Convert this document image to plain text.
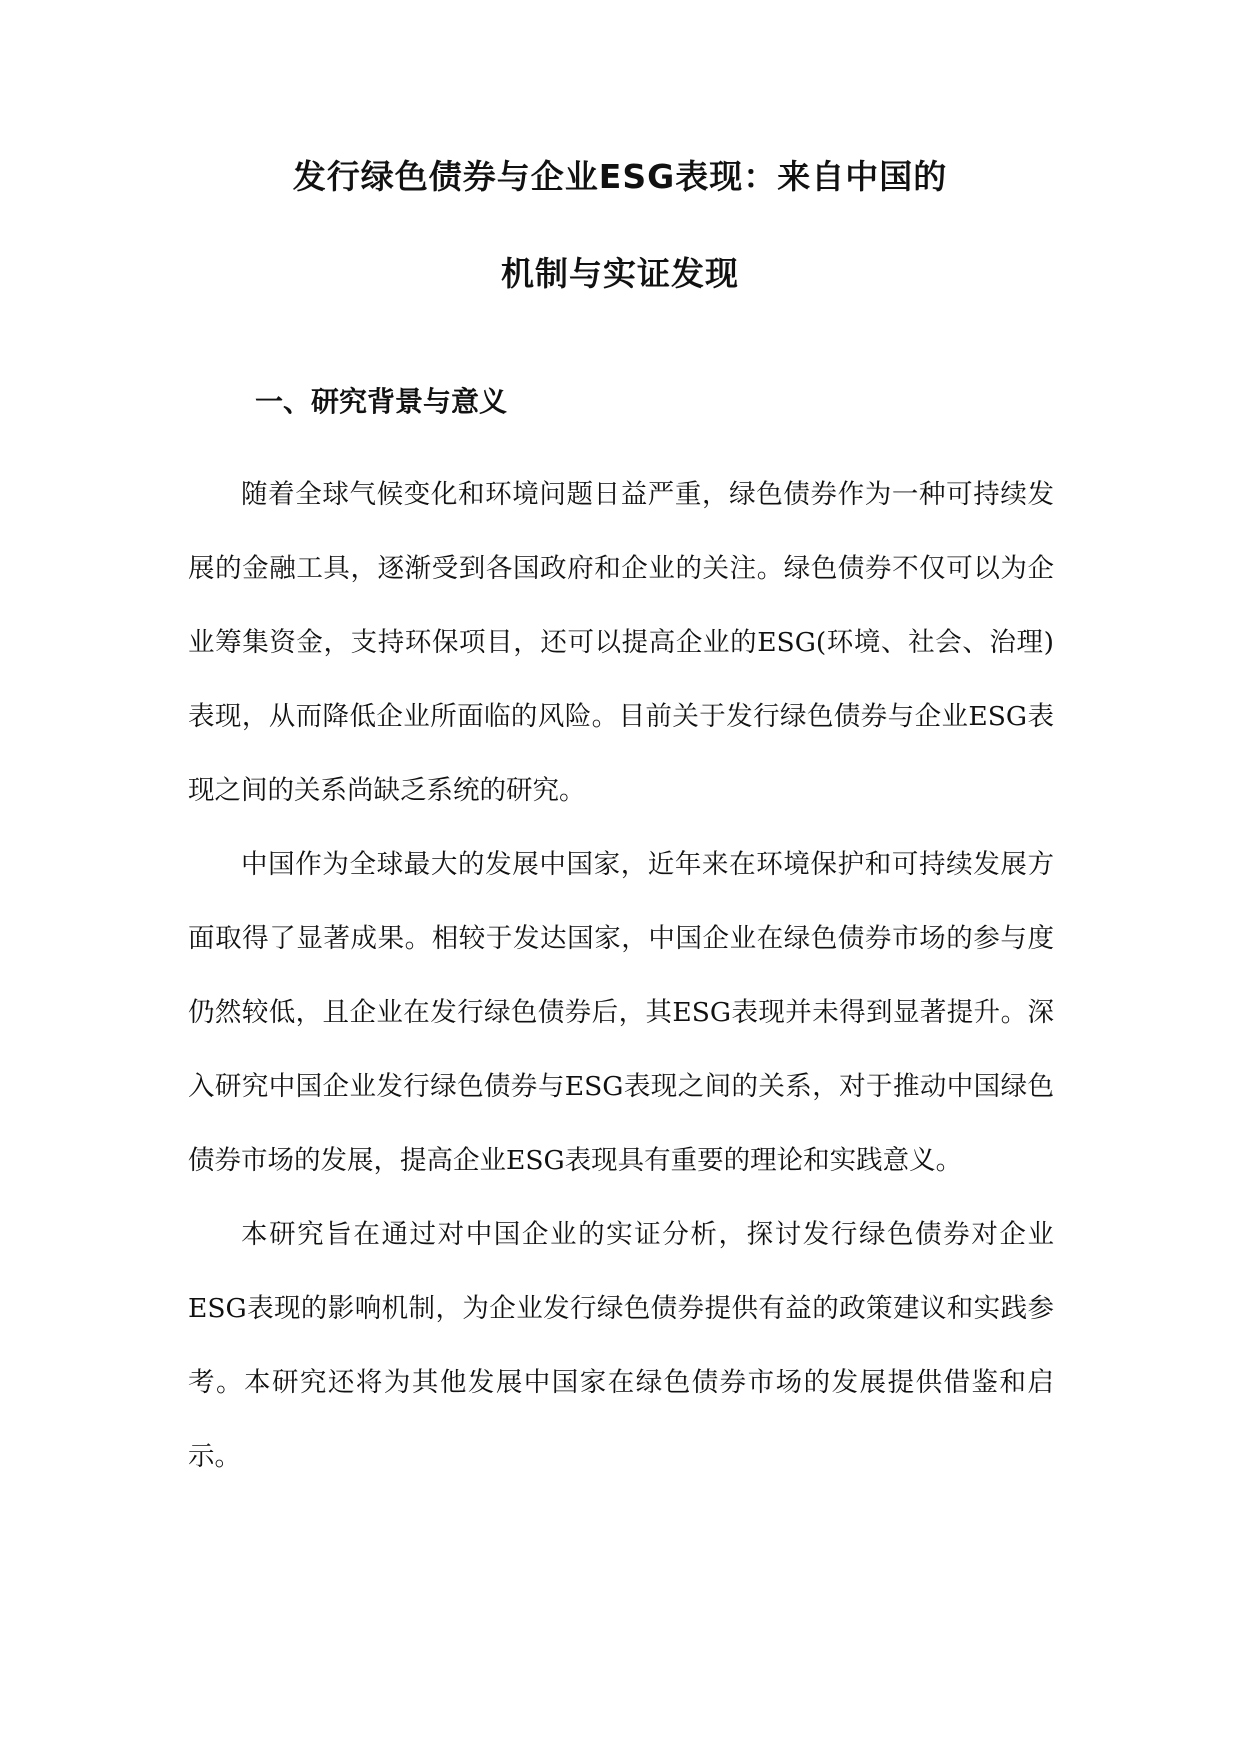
发行绿色债券与企业ESG表现：来自中国的
机制与实证发现
一、研究背景与意义

随着全球气候变化和环境问题日益严重，绿色债券作为一种可持续发展的金融工具，逐渐受到各国政府和企业的关注。绿色债券不仅可以为企业筹集资金，支持环保项目，还可以提高企业的ESG(环境、社会、治理)表现，从而降低企业所面临的风险。目前关于发行绿色债券与企业ESG表现之间的关系尚缺乏系统的研究。

中国作为全球最大的发展中国家，近年来在环境保护和可持续发展方面取得了显著成果。相较于发达国家，中国企业在绿色债券市场的参与度仍然较低，且企业在发行绿色债券后，其ESG表现并未得到显著提升。深入研究中国企业发行绿色债券与ESG表现之间的关系，对于推动中国绿色债券市场的发展，提高企业ESG表现具有重要的理论和实践意义。

本研究旨在通过对中国企业的实证分析，探讨发行绿色债券对企业ESG表现的影响机制，为企业发行绿色债券提供有益的政策建议和实践参考。本研究还将为其他发展中国家在绿色债券市场的发展提供借鉴和启示。
